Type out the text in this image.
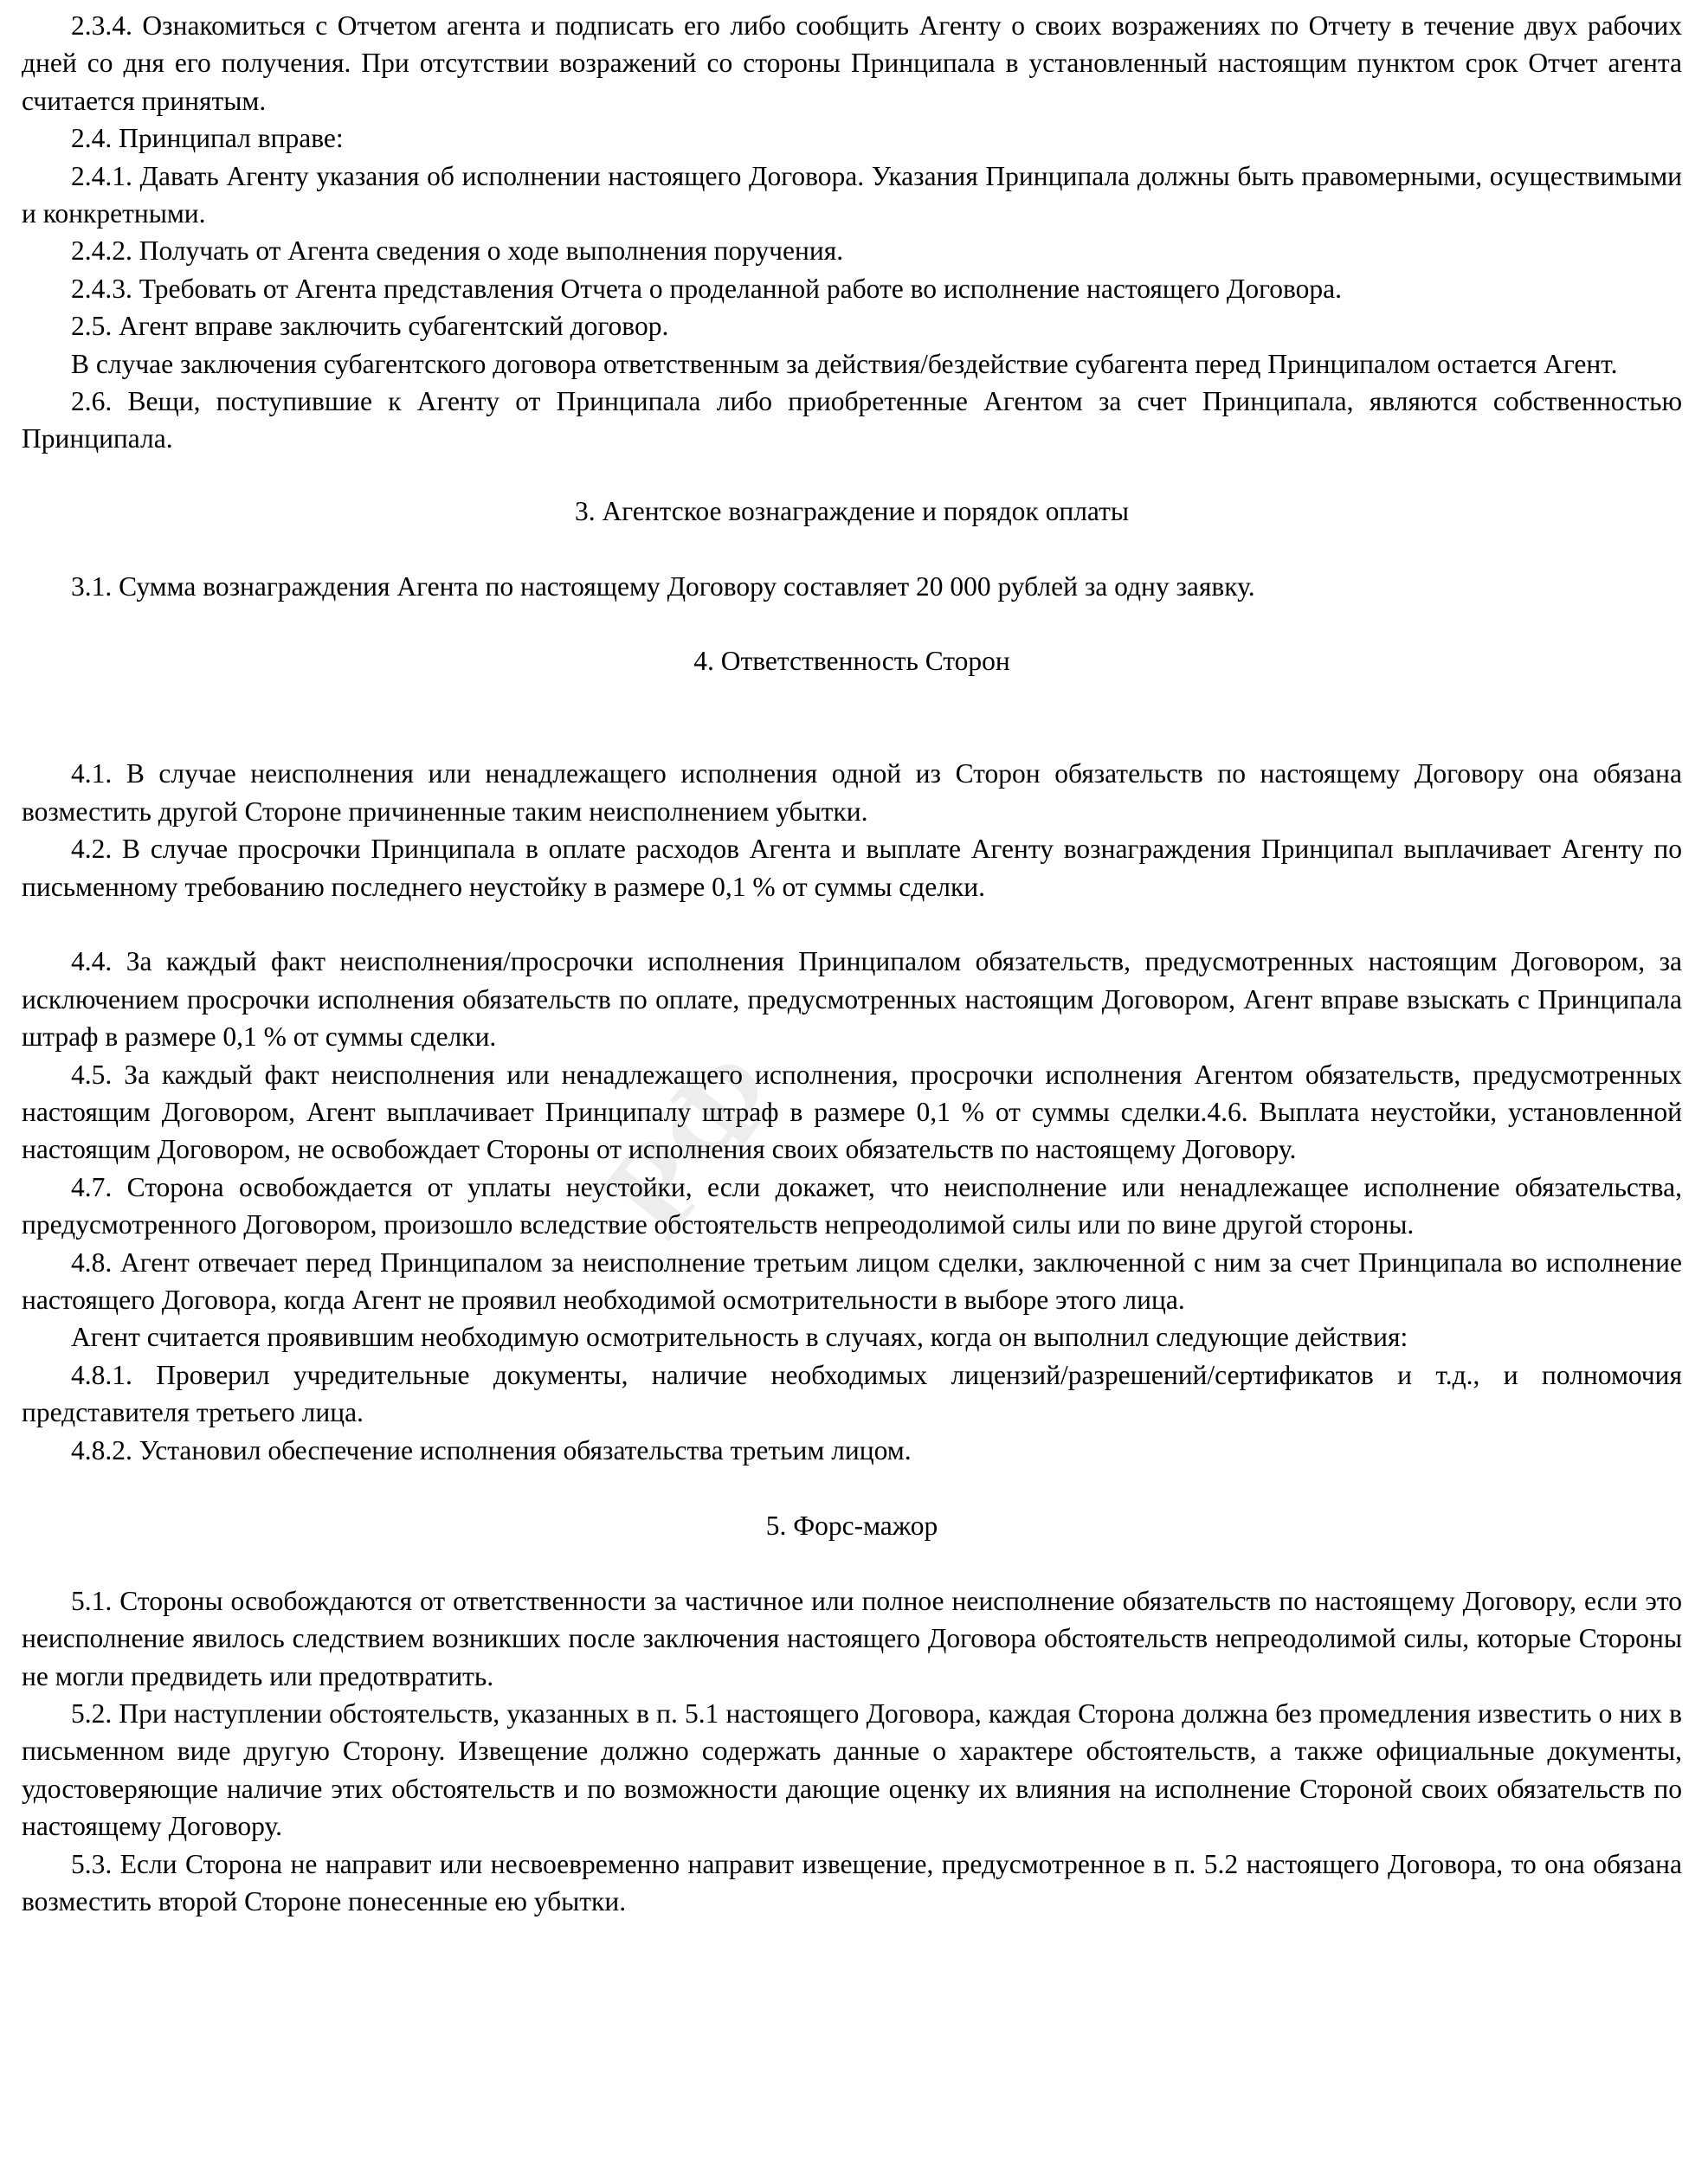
РФ

2.3.4. Ознакомиться с Отчетом агента и подписать его либо сообщить Агенту о своих возражениях по Отчету в течение двух рабочих дней со дня его получения. При отсутствии возражений со стороны Принципала в установленный настоящим пунктом срок Отчет агента считается принятым.

2.4. Принципал вправе:

2.4.1. Давать Агенту указания об исполнении настоящего Договора. Указания Принципала должны быть правомерными, осуществимыми и конкретными.

2.4.2. Получать от Агента сведения о ходе выполнения поручения.

2.4.3. Требовать от Агента представления Отчета о проделанной работе во исполнение настоящего Договора.

2.5. Агент вправе заключить субагентский договор.

В случае заключения субагентского договора ответственным за действия/бездействие субагента перед Принципалом остается Агент.

2.6. Вещи, поступившие к Агенту от Принципала либо приобретенные Агентом за счет Принципала, являются собственностью Принципала.

3. Агентское вознаграждение и порядок оплаты

3.1. Сумма вознаграждения Агента по настоящему Договору составляет 20 000 рублей за одну заявку.

4. Ответственность Сторон

4.1. В случае неисполнения или ненадлежащего исполнения одной из Сторон обязательств по настоящему Договору она обязана возместить другой Стороне причиненные таким неисполнением убытки.

4.2. В случае просрочки Принципала в оплате расходов Агента и выплате Агенту вознаграждения Принципал выплачивает Агенту по письменному требованию последнего неустойку в размере 0,1 % от суммы сделки.

4.4. За каждый факт неисполнения/просрочки исполнения Принципалом обязательств, предусмотренных настоящим Договором, за исключением просрочки исполнения обязательств по оплате, предусмотренных настоящим Договором, Агент вправе взыскать с Принципала штраф в размере 0,1 % от суммы сделки.

4.5. За каждый факт неисполнения или ненадлежащего исполнения, просрочки исполнения Агентом обязательств, предусмотренных настоящим Договором, Агент выплачивает Принципалу штраф в размере 0,1 % от суммы сделки.4.6. Выплата неустойки, установленной настоящим Договором, не освобождает Стороны от исполнения своих обязательств по настоящему Договору.

4.7. Сторона освобождается от уплаты неустойки, если докажет, что неисполнение или ненадлежащее исполнение обязательства, предусмотренного Договором, произошло вследствие обстоятельств непреодолимой силы или по вине другой стороны.

4.8. Агент отвечает перед Принципалом за неисполнение третьим лицом сделки, заключенной с ним за счет Принципала во исполнение настоящего Договора, когда Агент не проявил необходимой осмотрительности в выборе этого лица.

Агент считается проявившим необходимую осмотрительность в случаях, когда он выполнил следующие действия:

4.8.1. Проверил учредительные документы, наличие необходимых лицензий/разрешений/сертификатов и т.д., и полномочия представителя третьего лица.

4.8.2. Установил обеспечение исполнения обязательства третьим лицом.

5. Форс-мажор

5.1. Стороны освобождаются от ответственности за частичное или полное неисполнение обязательств по настоящему Договору, если это неисполнение явилось следствием возникших после заключения настоящего Договора обстоятельств непреодолимой силы, которые Стороны не могли предвидеть или предотвратить.

5.2. При наступлении обстоятельств, указанных в п. 5.1 настоящего Договора, каждая Сторона должна без промедления известить о них в письменном виде другую Сторону. Извещение должно содержать данные о характере обстоятельств, а также официальные документы, удостоверяющие наличие этих обстоятельств и по возможности дающие оценку их влияния на исполнение Стороной своих обязательств по настоящему Договору.

5.3. Если Сторона не направит или несвоевременно направит извещение, предусмотренное в п. 5.2 настоящего Договора, то она обязана возместить второй Стороне понесенные ею убытки.
